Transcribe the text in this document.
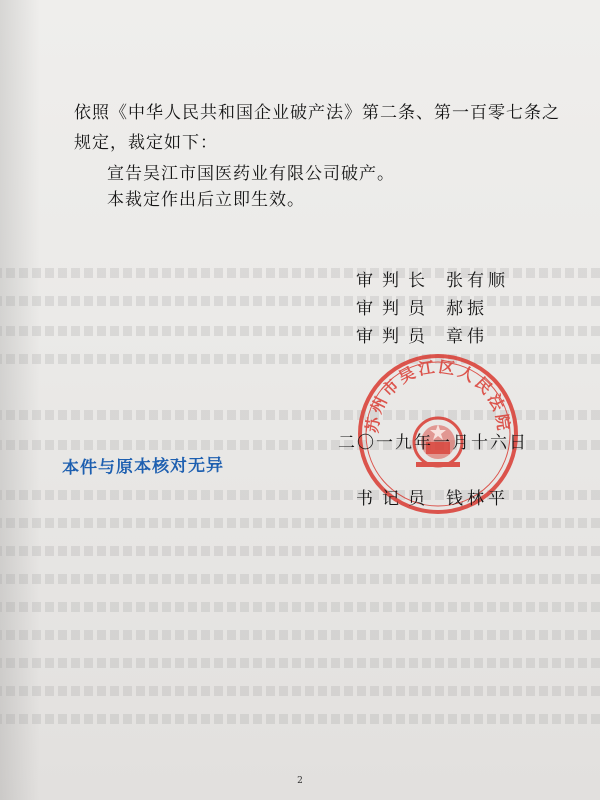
依照《中华人民共和国企业破产法》第二条、第一百零七条之
规定，裁定如下：
宣告吴江市国医药业有限公司破产。
本裁定作出后立即生效。
审判长 张有顺
审判员 郝振
审判员 章伟
苏州市吴江区人民法院
二〇一九年一月十六日
本件与原本核对无异
书记员 钱林平
2
